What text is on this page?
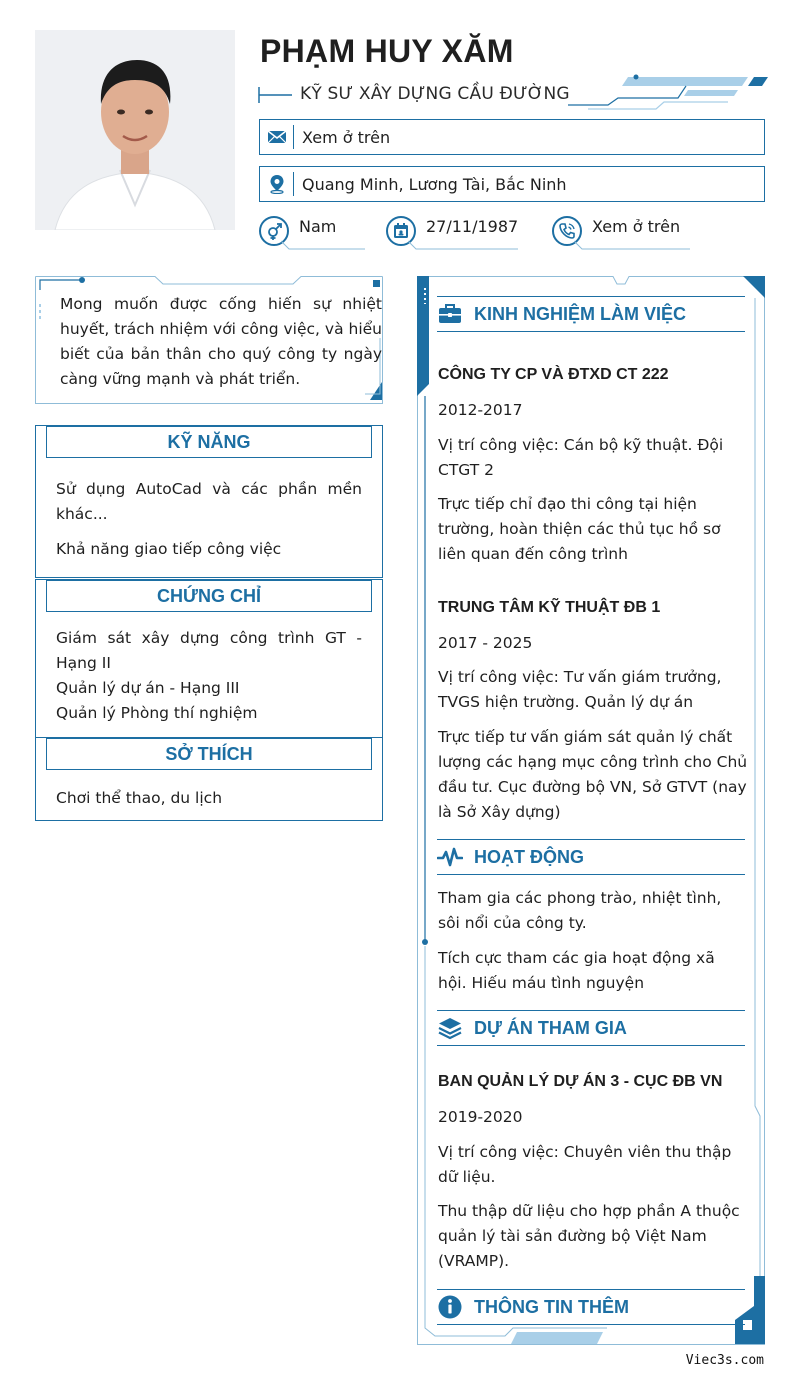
PHẠM HUY XĂM
KỸ SƯ XÂY DỰNG CẦU ĐƯỜNG
Xem ở trên
Quang Minh, Lương Tài, Bắc Ninh
Nam	27/11/1987	Xem ở trên
Mong muốn được cống hiến sự nhiệt huyết, trách nhiệm với công việc, và hiểu biết của bản thân cho quý công ty ngày càng vững mạnh và phát triển.
KỸ NĂNG

Sử dụng AutoCad và các phần mền khác...

Khả năng giao tiếp công việc

CHỨNG CHỈ

Giám sát xây dựng công trình GT - Hạng II

Quản lý dự án - Hạng III

Quản lý Phòng thí nghiệm

SỞ THÍCH

Chơi thể thao, du lịch

KINH NGHIỆM LÀM VIỆC
CÔNG TY CP VÀ ĐTXD CT 222
2012-2017
Vị trí công việc: Cán bộ kỹ thuật. Đội CTGT 2
Trực tiếp chỉ đạo thi công tại hiện trường, hoàn thiện các thủ tục hồ sơ liên quan đến công trình
TRUNG TÂM KỸ THUẬT ĐB 1
2017 - 2025
Vị trí công việc: Tư vấn giám trưởng, TVGS hiện trường. Quản lý dự án
Trực tiếp tư vấn giám sát quản lý chất lượng các hạng mục công trình cho Chủ đầu tư. Cục đường bộ VN, Sở GTVT (nay là Sở Xây dựng)
HOẠT ĐỘNG
Tham gia các phong trào, nhiệt tình, sôi nổi của công ty.
Tích cực tham các gia hoạt động xã hội. Hiếu máu tình nguyện
DỰ ÁN THAM GIA
BAN QUẢN LÝ DỰ ÁN 3 - CỤC ĐB VN
2019-2020
Vị trí công việc: Chuyên viên thu thập dữ liệu.
Thu thập dữ liệu cho hợp phần A thuộc quản lý tài sản đường bộ Việt Nam (VRAMP).
THÔNG TIN THÊM
Viec3s.com
